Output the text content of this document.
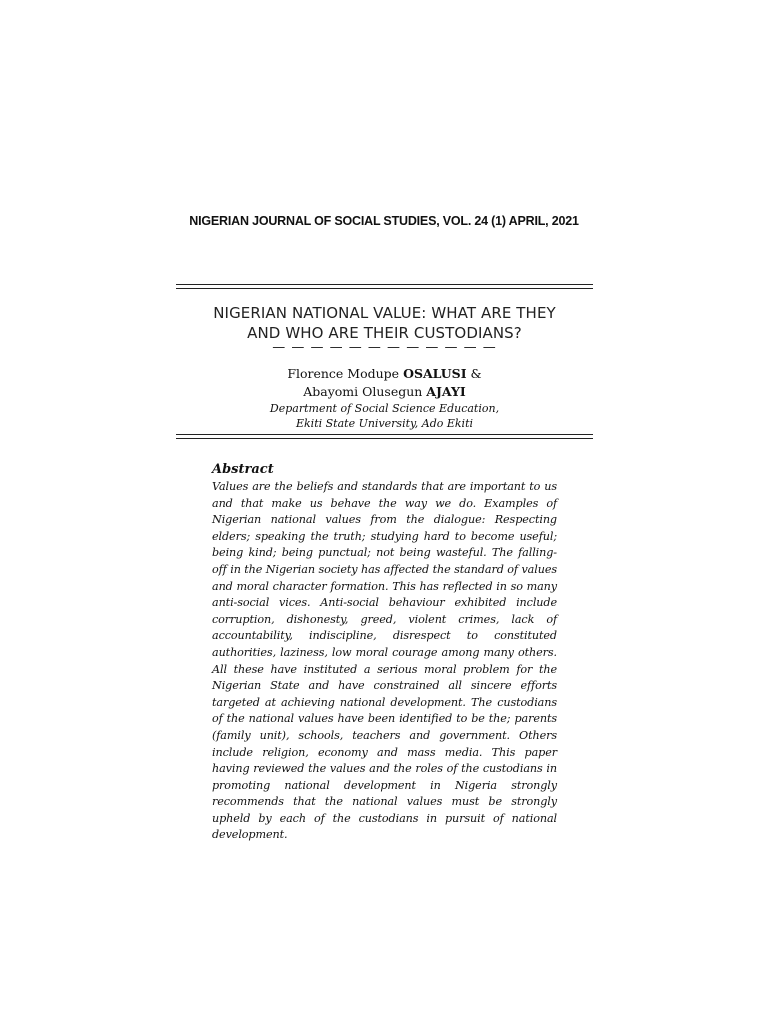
NIGERIAN JOURNAL OF SOCIAL STUDIES, VOL. 24 (1) APRIL, 2021
NIGERIAN NATIONAL VALUE: WHAT ARE THEY
AND WHO ARE THEIR CUSTODIANS?
— — — — — — — — — — — —
Florence Modupe OSALUSI &
Abayomi Olusegun AJAYI
Department of Social Science Education,
Ekiti State University, Ado Ekiti
Abstract

Values are the beliefs and standards that are important to us and that make us behave the way we do. Examples of Nigerian national values from the dialogue: Respecting elders; speaking the truth; studying hard to become useful; being kind; being punctual; not being wasteful. The falling-off in the Nigerian society has affected the standard of values and moral character formation. This has reflected in so many anti-social vices. Anti-social behaviour exhibited include corruption, dishonesty, greed, violent crimes, lack of accountability, indiscipline, disrespect to constituted authorities, laziness, low moral courage among many others. All these have instituted a serious moral problem for the Nigerian State and have constrained all sincere efforts targeted at achieving national development. The custodians of the national values have been identified to be the; parents (family unit), schools, teachers and government. Others include religion, economy and mass media. This paper having reviewed the values and the roles of the custodians in promoting national development in Nigeria strongly recommends that the national values must be strongly upheld by each of the custodians in pursuit of national development.
